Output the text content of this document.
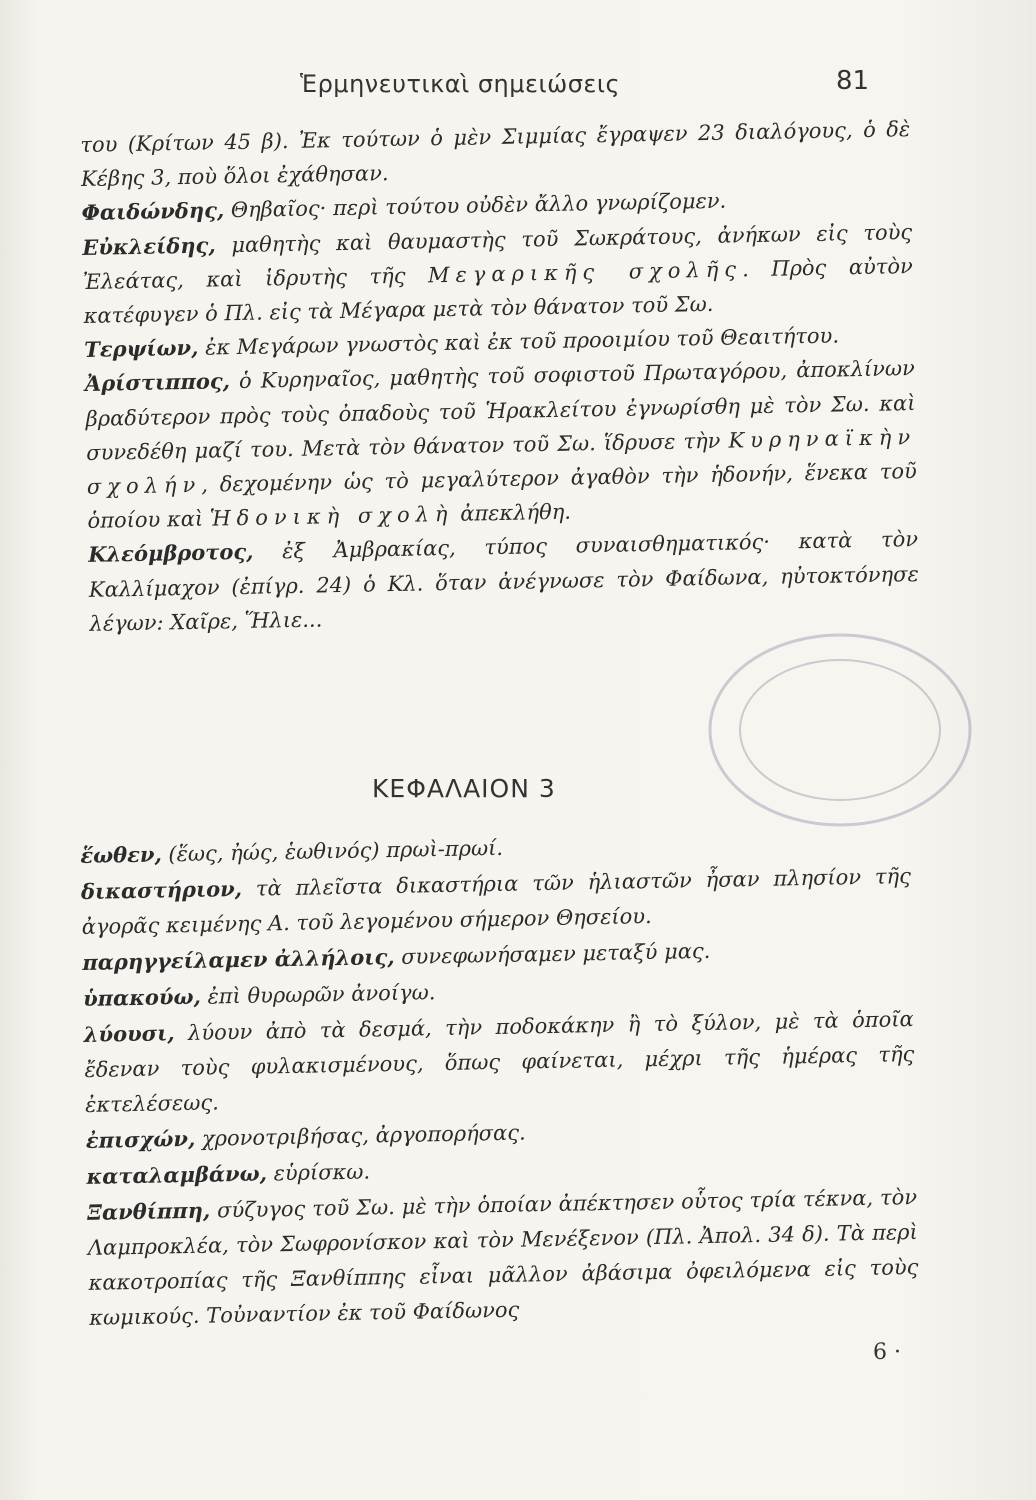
Ἑρμηνευτικαὶ σημειώσεις	81

του (Κρίτων 45 β). Ἐκ τούτων ὁ μὲν Σιμμίας ἔγραψεν 23 διαλόγους, ὁ δὲ Κέβης 3, ποὺ ὅλοι ἐχάθησαν.

Φαιδώνδης, Θηβαῖος· περὶ τούτου οὐδὲν ἄλλο γνωρίζομεν.

Εὐκλείδης, μαθητὴς καὶ θαυμαστὴς τοῦ Σωκράτους, ἀνήκων εἰς τοὺς Ἐλεάτας, καὶ ἱδρυτὴς τῆς Μεγαρικῆς σχολῆς. Πρὸς αὐτὸν κατέφυγεν ὁ Πλ. εἰς τὰ Μέγαρα μετὰ τὸν θάνατον τοῦ Σω.

Τερψίων, ἐκ Μεγάρων γνωστὸς καὶ ἐκ τοῦ προοιμίου τοῦ Θεαιτήτου.

Ἀρίστιππος, ὁ Κυρηναῖος, μαθητὴς τοῦ σοφιστοῦ Πρωταγόρου, ἀποκλίνων βραδύτερον πρὸς τοὺς ὀπαδοὺς τοῦ Ἡρακλείτου ἐγνωρίσθη μὲ τὸν Σω. καὶ συνεδέθη μαζί του. Μετὰ τὸν θάνατον τοῦ Σω. ἵδρυσε τὴν Κυρηναϊκὴν σχολήν, δεχομένην ὡς τὸ μεγαλύτερον ἀγαθὸν τὴν ἡδονήν, ἕνεκα τοῦ ὁποίου καὶ Ἡδονικὴ σχολὴ ἀπεκλήθη.

Κλεόμβροτος, ἐξ Ἀμβρακίας, τύπος συναισθηματικός· κατὰ τὸν Καλλίμαχον (ἐπίγρ. 24) ὁ Κλ. ὅταν ἀνέγνωσε τὸν Φαίδωνα, ηὐτοκτόνησε λέγων: Χαῖρε, Ἥλιε...

ΚΕΦΑΛΑΙΟΝ 3

ἕωθεν, (ἕως, ἠώς, ἑωθινός) πρωὶ-πρωί.

δικαστήριον, τὰ πλεῖστα δικαστήρια τῶν ἡλιαστῶν ἦσαν πλησίον τῆς ἀγορᾶς κειμένης Α. τοῦ λεγομένου σήμερον Θησείου.

παρηγγείλαμεν ἀλλήλοις, συνεφωνήσαμεν μεταξύ μας.

ὑπακούω, ἐπὶ θυρωρῶν ἀνοίγω.

λύουσι, λύουν ἀπὸ τὰ δεσμά, τὴν ποδοκάκην ἢ τὸ ξύλον, μὲ τὰ ὁποῖα ἔδεναν τοὺς φυλακισμένους, ὅπως φαίνεται, μέχρι τῆς ἡμέρας τῆς ἐκτελέσεως.

ἐπισχών, χρονοτριβήσας, ἀργοπορήσας.

καταλαμβάνω, εὑρίσκω.

Ξανθίππη, σύζυγος τοῦ Σω. μὲ τὴν ὁποίαν ἀπέκτησεν οὗτος τρία τέκνα, τὸν Λαμπροκλέα, τὸν Σωφρονίσκον καὶ τὸν Μενέξενον (Πλ. Ἀπολ. 34 δ). Τὰ περὶ κακοτροπίας τῆς Ξανθίππης εἶναι μᾶλλον ἀβάσιμα ὀφειλόμενα εἰς τοὺς κωμικούς. Τοὐναντίον ἐκ τοῦ Φαίδωνος

6 ·
